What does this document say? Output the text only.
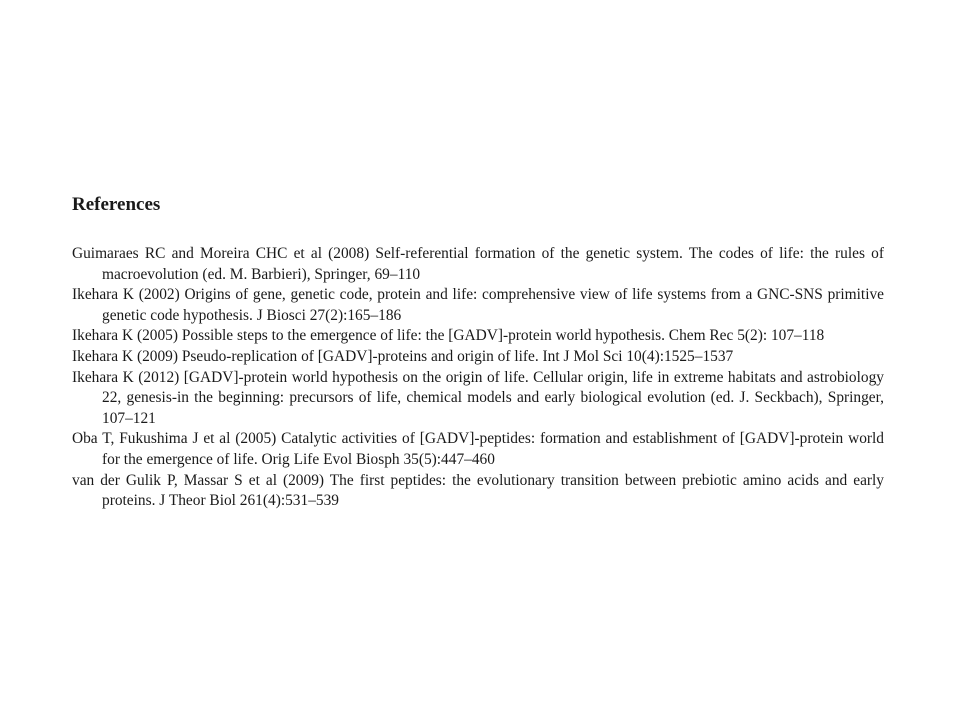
References
Guimaraes RC and Moreira CHC et al (2008) Self-referential formation of the genetic system. The codes of life: the rules of macroevolution (ed. M. Barbieri), Springer, 69–110
Ikehara K (2002) Origins of gene, genetic code, protein and life: comprehensive view of life systems from a GNC-SNS primitive genetic code hypothesis. J Biosci 27(2):165–186
Ikehara K (2005) Possible steps to the emergence of life: the [GADV]-protein world hypothesis. Chem Rec 5(2): 107–118
Ikehara K (2009) Pseudo-replication of [GADV]-proteins and origin of life. Int J Mol Sci 10(4):1525–1537
Ikehara K (2012) [GADV]-protein world hypothesis on the origin of life. Cellular origin, life in extreme habitats and astrobiology 22, genesis-in the beginning: precursors of life, chemical models and early biological evolution (ed. J. Seckbach), Springer, 107–121
Oba T, Fukushima J et al (2005) Catalytic activities of [GADV]-peptides: formation and establishment of [GADV]-protein world for the emergence of life. Orig Life Evol Biosph 35(5):447–460
van der Gulik P, Massar S et al (2009) The first peptides: the evolutionary transition between prebiotic amino acids and early proteins. J Theor Biol 261(4):531–539
